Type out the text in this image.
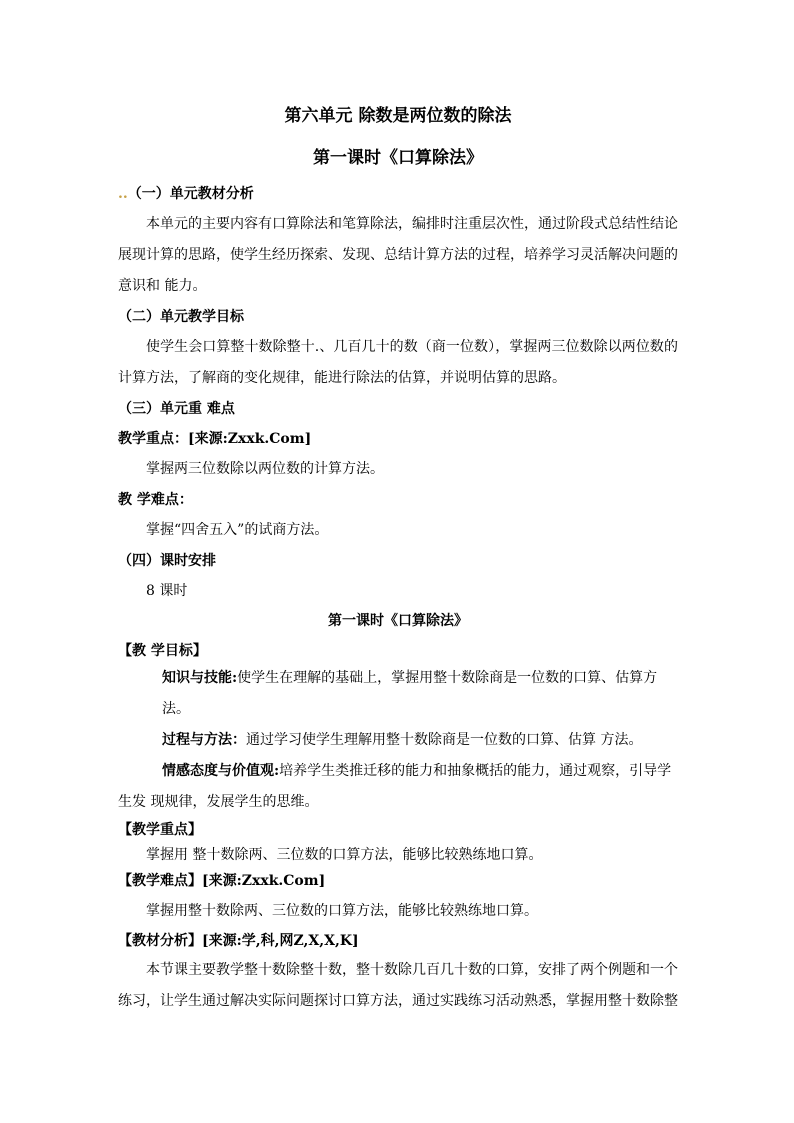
第六单元 除数是两位数的除法

第一课时《口算除法》

..（一）单元教材分析

本单元的主要内容有口算除法和笔算除法，编排时注重层次性，通过阶段式总结性结论展现计算的思路，使学生经历探索、发现、总结计算方法的过程，培养学习灵活解决问题的意识和 能力。

（二）单元教学目标

使学生会口算整十数除整十.、几百几十的数（商一位数），掌握两三位数除以两位数的计算方法，了解商的变化规律，能进行除法的估算，并说明估算的思路。

（三）单元重 难点

教学重点：[来源:Zxxk.Com]

掌握两三位数除以两位数的计算方法。

教 学难点：

掌握“四舍五入”的试商方法。

（四）课时安排

8 课时

第一课时《口算除法》

【教 学目标】

知识与技能:使学生在理解的基础上，掌握用整十数除商是一位数的口算、估算方法。

过程与方法：通过学习使学生理解用整十数除商是一位数的口算、估算 方法。

情感态度与价值观:培养学生类推迁移的能力和抽象概括的能力，通过观察，引导学生发 现规律，发展学生的思维。

【教学重点】

掌握用 整十数除两、三位数的口算方法，能够比较熟练地口算。

【教学难点】[来源:Zxxk.Com]

掌握用整十数除两、三位数的口算方法，能够比较熟练地口算。

【教材分析】[来源:学,科,网Z,X,X,K]

本节课主要教学整十数除整十数，整十数除几百几十数的口算，安排了两个例题和一个练习，让学生通过解决实际问题探讨口算方法，通过实践练习活动熟悉，掌握用整十数除整
